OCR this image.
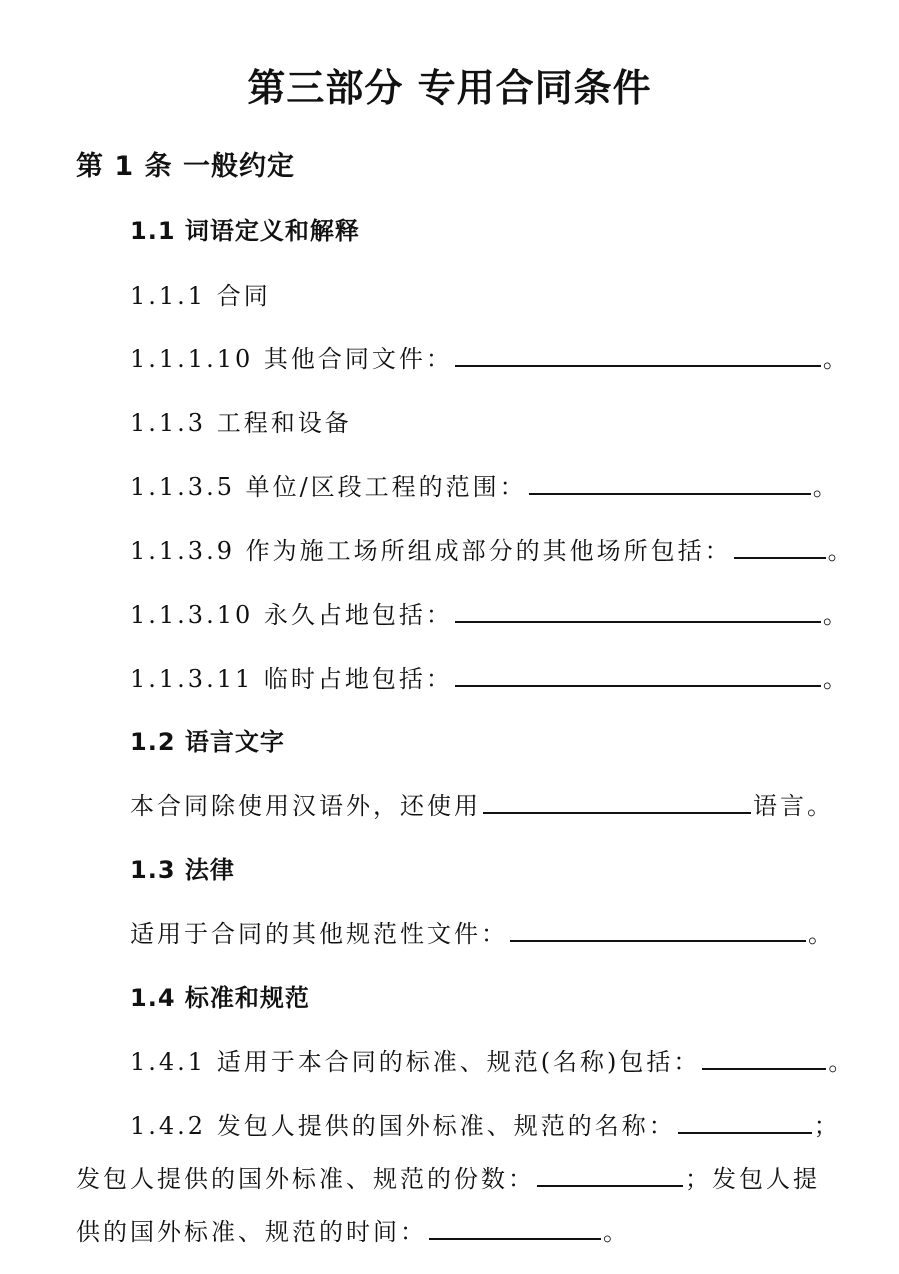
第三部分 专用合同条件
第 1 条 一般约定
1.1 词语定义和解释
1.1.1 合同
1.1.1.10 其他合同文件：	。
1.1.3 工程和设备
1.1.3.5 单位/区段工程的范围：	。
1.1.3.9 作为施工场所组成部分的其他场所包括：	。
1.1.3.10 永久占地包括：	。
1.1.3.11 临时占地包括：	。
1.2 语言文字
本合同除使用汉语外，还使用	语言。
1.3 法律
适用于合同的其他规范性文件：	。
1.4 标准和规范
1.4.1 适用于本合同的标准、规范(名称)包括：	。
1.4.2 发包人提供的国外标准、规范的名称：	；
发包人提供的国外标准、规范的份数：	；发包人提
供的国外标准、规范的时间：	。
